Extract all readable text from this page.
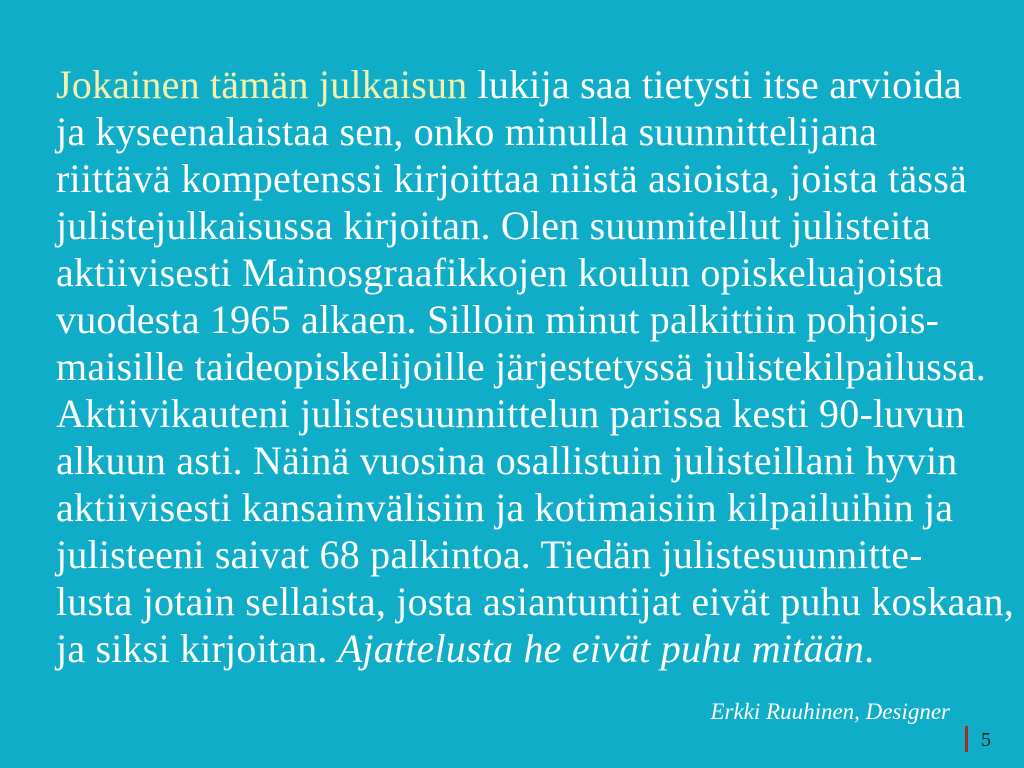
Jokainen tämän julkaisun lukija saa tietysti itse arvioida
ja kyseenalaistaa sen, onko minulla suunnittelijana
riittävä kompetenssi kirjoittaa niistä asioista, joista tässä
julistejulkaisussa kirjoitan. Olen suunnitellut julisteita
aktiivisesti Mainosgraafikkojen koulun opiskeluajoista
vuodesta 1965 alkaen. Silloin minut palkittiin pohjois-
maisille taideopiskelijoille järjestetyssä julistekilpailussa.
Aktiivikauteni julistesuunnittelun parissa kesti 90-luvun
alkuun asti. Näinä vuosina osallistuin julisteillani hyvin
aktiivisesti kansainvälisiin ja kotimaisiin kilpailuihin ja
julisteeni saivat 68 palkintoa. Tiedän julistesuunnitte-
lusta jotain sellaista, josta asiantuntijat eivät puhu koskaan,
ja siksi kirjoitan. Ajattelusta he eivät puhu mitään.
Erkki Ruuhinen, Designer
5
